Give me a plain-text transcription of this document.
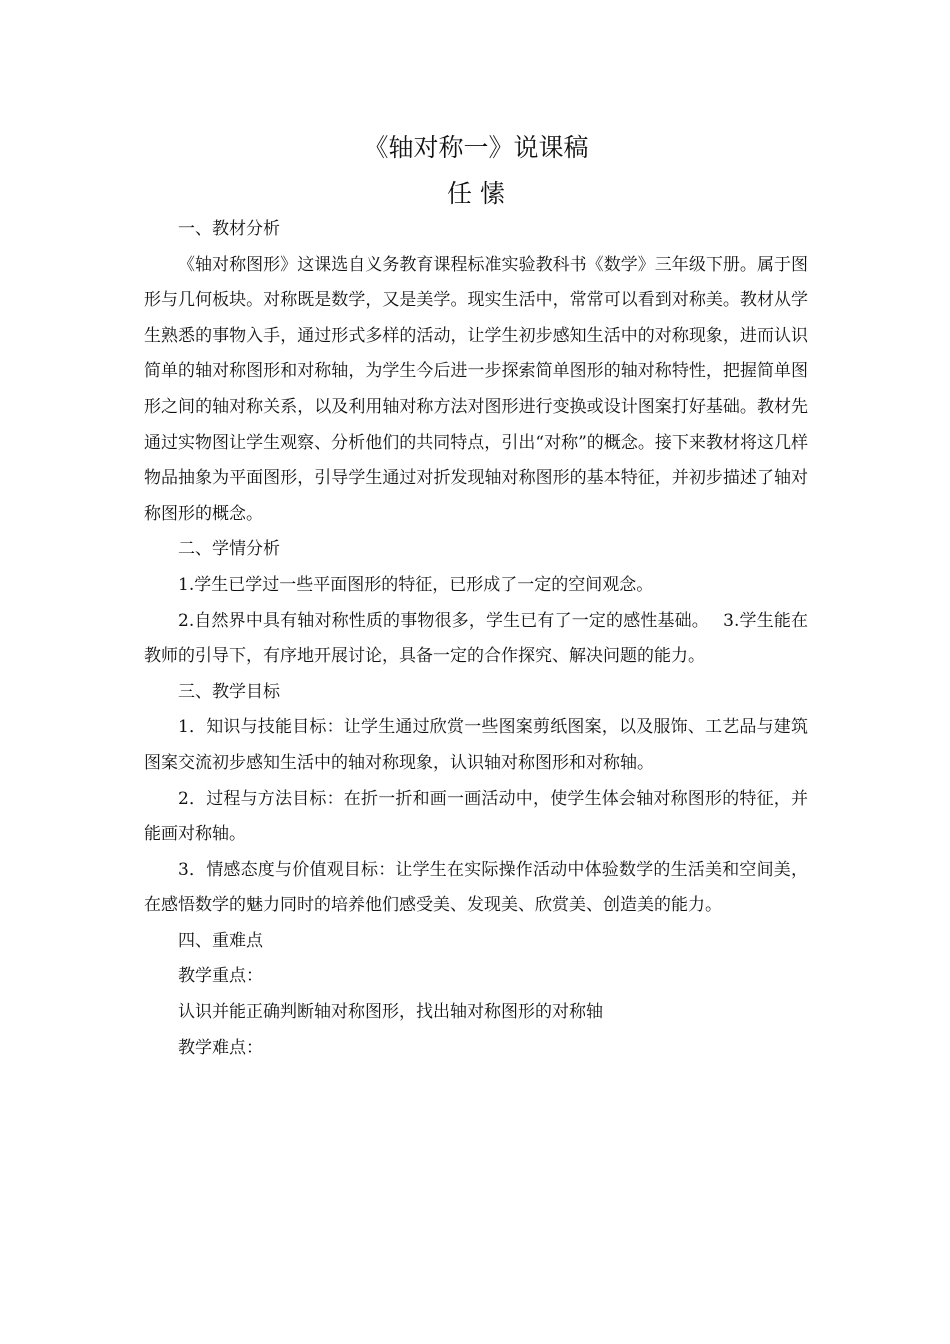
《轴对称一》说课稿
任 愫

一、教材分析

《轴对称图形》这课选自义务教育课程标准实验教科书《数学》三年级下册。属于图形与几何板块。对称既是数学，又是美学。现实生活中，常常可以看到对称美。教材从学生熟悉的事物入手，通过形式多样的活动，让学生初步感知生活中的对称现象，进而认识简单的轴对称图形和对称轴，为学生今后进一步探索简单图形的轴对称特性，把握简单图形之间的轴对称关系，以及利用轴对称方法对图形进行变换或设计图案打好基础。教材先通过实物图让学生观察、分析他们的共同特点，引出“对称”的概念。接下来教材将这几样物品抽象为平面图形，引导学生通过对折发现轴对称图形的基本特征，并初步描述了轴对称图形的概念。

二、学情分析

1.学生已学过一些平面图形的特征，已形成了一定的空间观念。

2.自然界中具有轴对称性质的事物很多，学生已有了一定的感性基础。　 3.学生能在教师的引导下，有序地开展讨论，具备一定的合作探究、解决问题的能力。

三、教学目标

1．知识与技能目标：让学生通过欣赏一些图案剪纸图案，以及服饰、工艺品与建筑图案交流初步感知生活中的轴对称现象，认识轴对称图形和对称轴。

2．过程与方法目标：在折一折和画一画活动中，使学生体会轴对称图形的特征，并能画对称轴。

3．情感态度与价值观目标：让学生在实际操作活动中体验数学的生活美和空间美，在感悟数学的魅力同时的培养他们感受美、发现美、欣赏美、创造美的能力。

四、重难点

教学重点：

认识并能正确判断轴对称图形，找出轴对称图形的对称轴

教学难点：
